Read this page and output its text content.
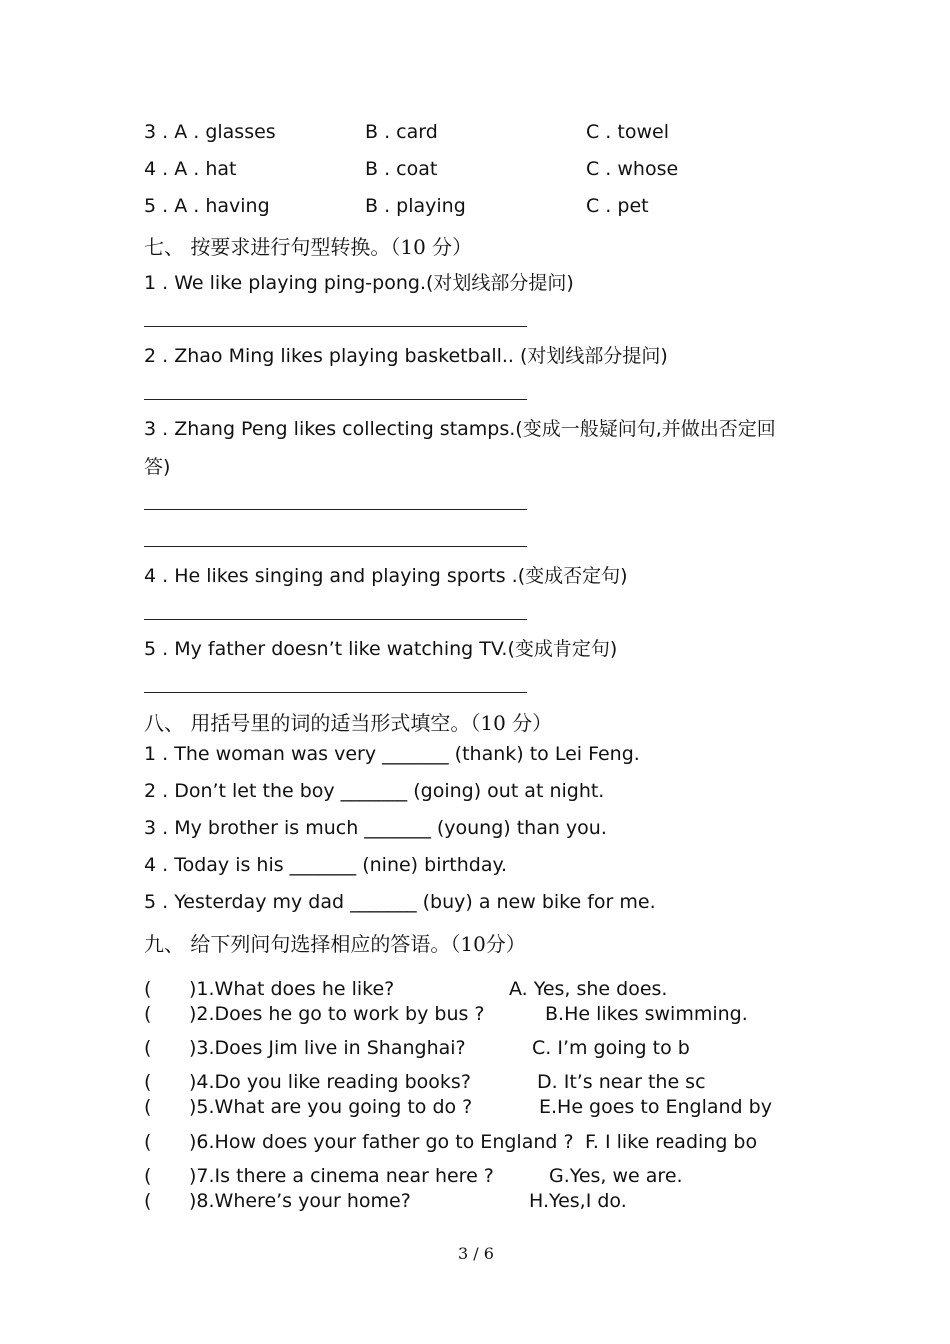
3 . A . glasses	B . card	C . towel
4 . A . hat	B . coat	C . whose
5 . A . having	B . playing	C . pet
七、 按要求进行句型转换。（10 分）
1 . We like playing ping-pong.(对划线部分提问)
2 . Zhao Ming likes playing basketball.. (对划线部分提问)
3 . Zhang Peng likes collecting stamps.(变成一般疑问句,并做出否定回
答)
4 . He likes singing and playing sports .(变成否定句)
5 . My father doesn’t like watching TV.(变成肯定句)
八、 用括号里的词的适当形式填空。（10 分）
1 . The woman was very _______ (thank) to Lei Feng.
2 . Don’t let the boy _______ (going) out at night.
3 . My brother is much _______ (young) than you.
4 . Today is his _______ (nine) birthday.
5 . Yesterday my dad _______ (buy) a new bike for me.
九、 给下列问句选择相应的答语。（10分）
( )1.What does he like?	A. Yes, she does.
( )2.Does he go to work by bus ?	B.He likes swimming.
( )3.Does Jim live in Shanghai?	C. I’m going to b
( )4.Do you like reading books?	D. It’s near the sc
( )5.What are you going to do ?	E.He goes to England by
( )6.How does your father go to England ? F. I like reading bo
( )7.Is there a cinema near here ?	G.Yes, we are.
( )8.Where’s your home?	H.Yes,I do.
3 / 6
